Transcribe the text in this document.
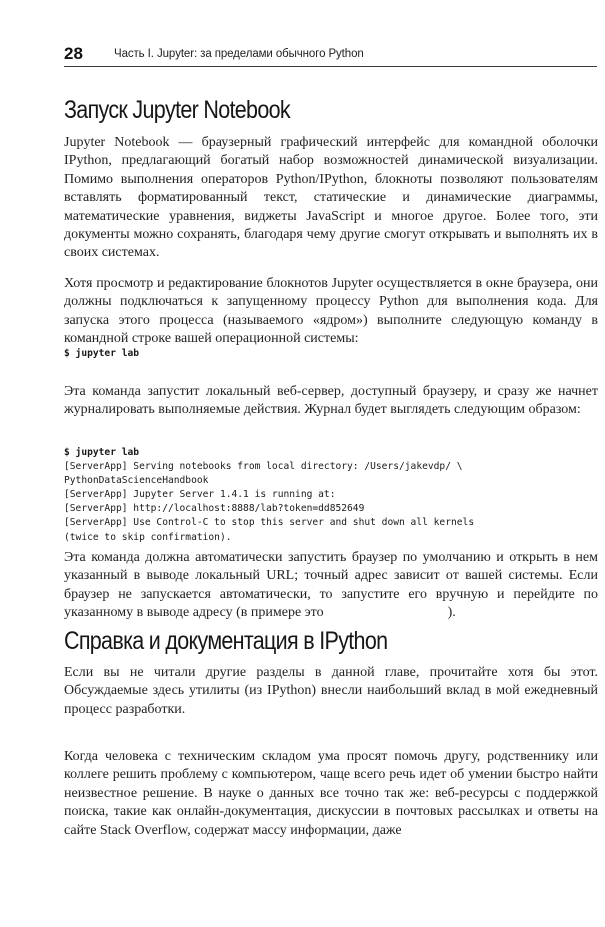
28	Часть I. Jupyter: за пределами обычного Python
Запуск Jupyter Notebook

Jupyter Notebook — браузерный графический интерфейс для командной оболочки IPython, предлагающий богатый набор возможностей динамической визуализации. Помимо выполнения операторов Python/IPython, блокноты позволяют пользователям вставлять форматированный текст, статические и динамические диаграммы, математические уравнения, виджеты JavaScript и многое другое. Более того, эти документы можно сохранять, благодаря чему другие смогут открывать и выполнять их в своих системах.

Хотя просмотр и редактирование блокнотов Jupyter осуществляется в окне браузера, они должны подключаться к запущенному процессу Python для выполнения кода. Для запуска этого процесса (называемого «ядром») выполните следующую команду в командной строке вашей операционной системы:

$ jupyter lab

Эта команда запустит локальный веб-сервер, доступный браузеру, и сразу же начнет журналировать выполняемые действия. Журнал будет выглядеть следующим образом:

$ jupyter lab
[ServerApp] Serving notebooks from local directory: /Users/jakevdp/ \
PythonDataScienceHandbook
[ServerApp] Jupyter Server 1.4.1 is running at:
[ServerApp] http://localhost:8888/lab?token=dd852649
[ServerApp] Use Control-C to stop this server and shut down all kernels
(twice to skip confirmation).

Эта команда должна автоматически запустить браузер по умолчанию и открыть в нем указанный в выводе локальный URL; точный адрес зависит от вашей системы. Если браузер не запускается автоматически, то запустите его вручную и перейдите по указанному в выводе адресу (в примере это	).

Справка и документация в IPython

Если вы не читали другие разделы в данной главе, прочитайте хотя бы этот. Обсуждаемые здесь утилиты (из IPython) внесли наибольший вклад в мой ежедневный процесс разработки.

Когда человека с техническим складом ума просят помочь другу, родственнику или коллеге решить проблему с компьютером, чаще всего речь идет об умении быстро найти неизвестное решение. В науке о данных все точно так же: веб-ресурсы с поддержкой поиска, такие как онлайн-документация, дискуссии в почтовых рассылках и ответы на сайте Stack Overflow, содержат массу информации, даже
